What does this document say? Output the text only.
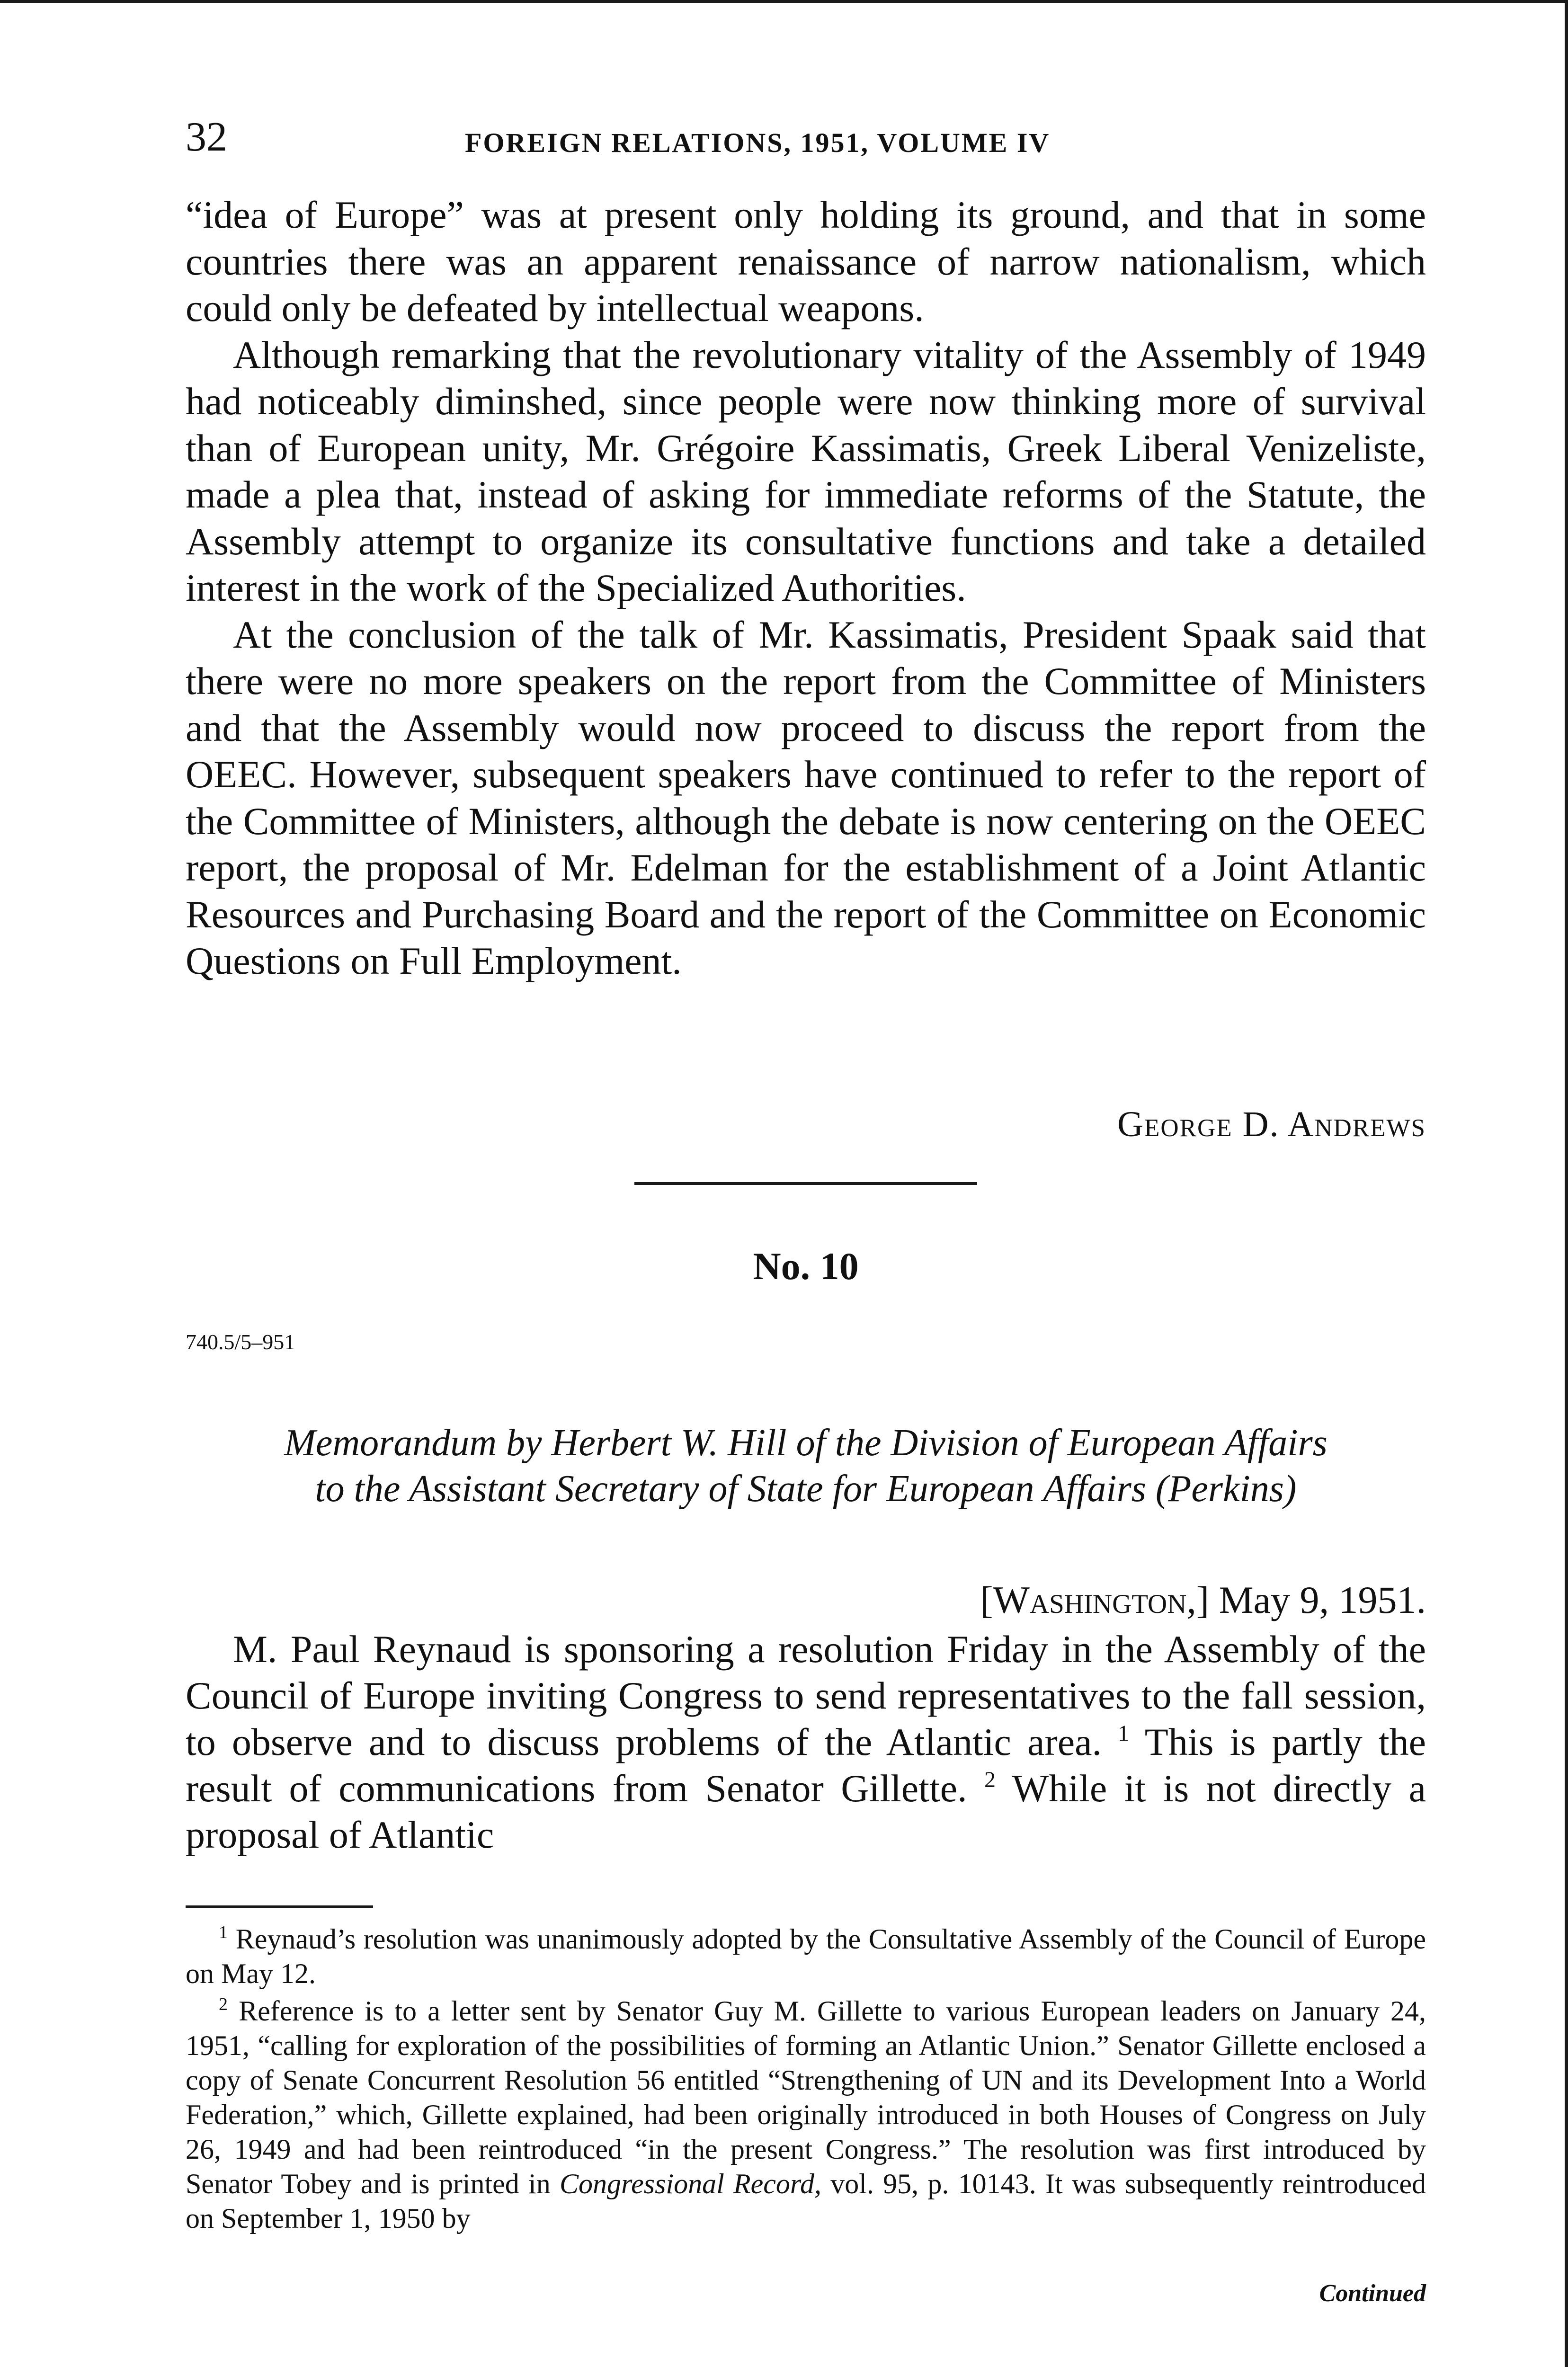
32	FOREIGN RELATIONS, 1951, VOLUME IV

“idea of Europe” was at present only holding its ground, and that in some countries there was an apparent renaissance of narrow nationalism, which could only be defeated by intellectual weapons.

Although remarking that the revolutionary vitality of the Assembly of 1949 had noticeably diminshed, since people were now thinking more of survival than of European unity, Mr. Grégoire Kassimatis, Greek Liberal Venizeliste, made a plea that, instead of asking for immediate reforms of the Statute, the Assembly attempt to organize its consultative functions and take a detailed interest in the work of the Specialized Authorities.

At the conclusion of the talk of Mr. Kassimatis, President Spaak said that there were no more speakers on the report from the Committee of Ministers and that the Assembly would now proceed to discuss the report from the OEEC. However, subsequent speakers have continued to refer to the report of the Committee of Ministers, although the debate is now centering on the OEEC report, the proposal of Mr. Edelman for the establishment of a Joint Atlantic Resources and Purchasing Board and the report of the Committee on Economic Questions on Full Employment.

George D. Andrews
No. 10
740.5/5–951
Memorandum by Herbert W. Hill of the Division of European Affairs
to the Assistant Secretary of State for European Affairs (Perkins)
[Washington,] May 9, 1951.

M. Paul Reynaud is sponsoring a resolution Friday in the Assembly of the Council of Europe inviting Congress to send representatives to the fall session, to observe and to discuss problems of the Atlantic area. $^1$ This is partly the result of communications from Senator Gillette. $^2$ While it is not directly a proposal of Atlantic

$^1$ Reynaud’s resolution was unanimously adopted by the Consultative Assembly of the Council of Europe on May 12.

$^2$ Reference is to a letter sent by Senator Guy M. Gillette to various European leaders on January 24, 1951, “calling for exploration of the possibilities of forming an Atlantic Union.” Senator Gillette enclosed a copy of Senate Concurrent Resolution 56 entitled “Strengthening of UN and its Development Into a World Federation,” which, Gillette explained, had been originally introduced in both Houses of Congress on July 26, 1949 and had been reintroduced “in the present Congress.” The resolution was first introduced by Senator Tobey and is printed in Congressional Record, vol. 95, p. 10143. It was subsequently reintroduced on September 1, 1950 by

Continued
